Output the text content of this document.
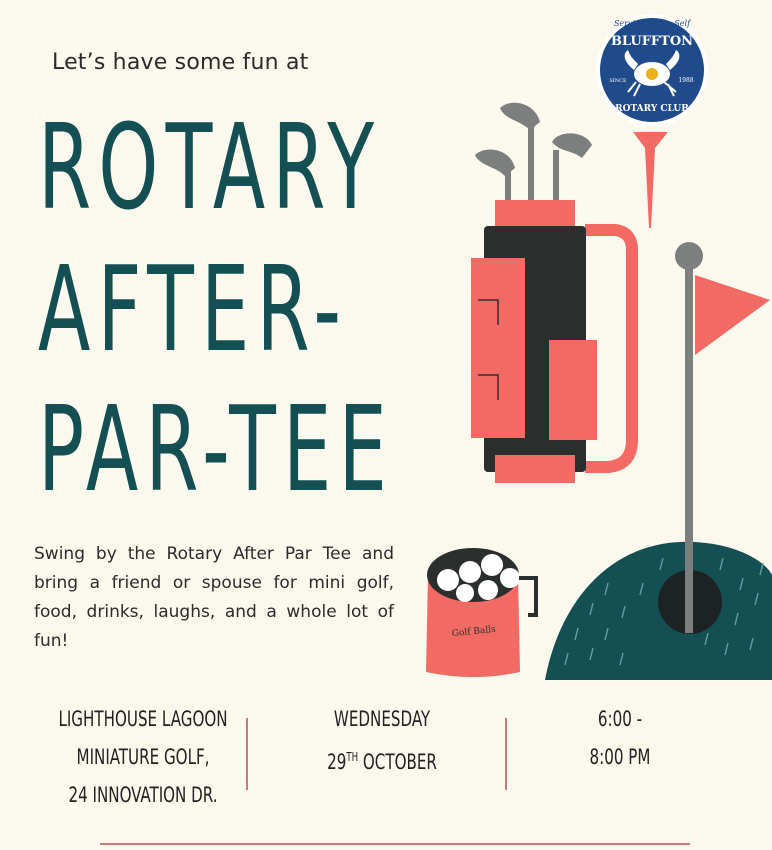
Let’s have some fun at
ROTARY
AFTER-
PAR-TEE
Swing by the Rotary After Par Tee and bring a friend or spouse for mini golf, food, drinks, laughs, and a whole lot of fun!	Golf Balls
Service Above Self
BLUFFTON
ROTARY CLUB
SINCE	1988
LIGHTHOUSE LAGOON
MINIATURE GOLF,
24 INNOVATION DR.
WEDNESDAY
29TH OCTOBER
6:00 -
8:00 PM
